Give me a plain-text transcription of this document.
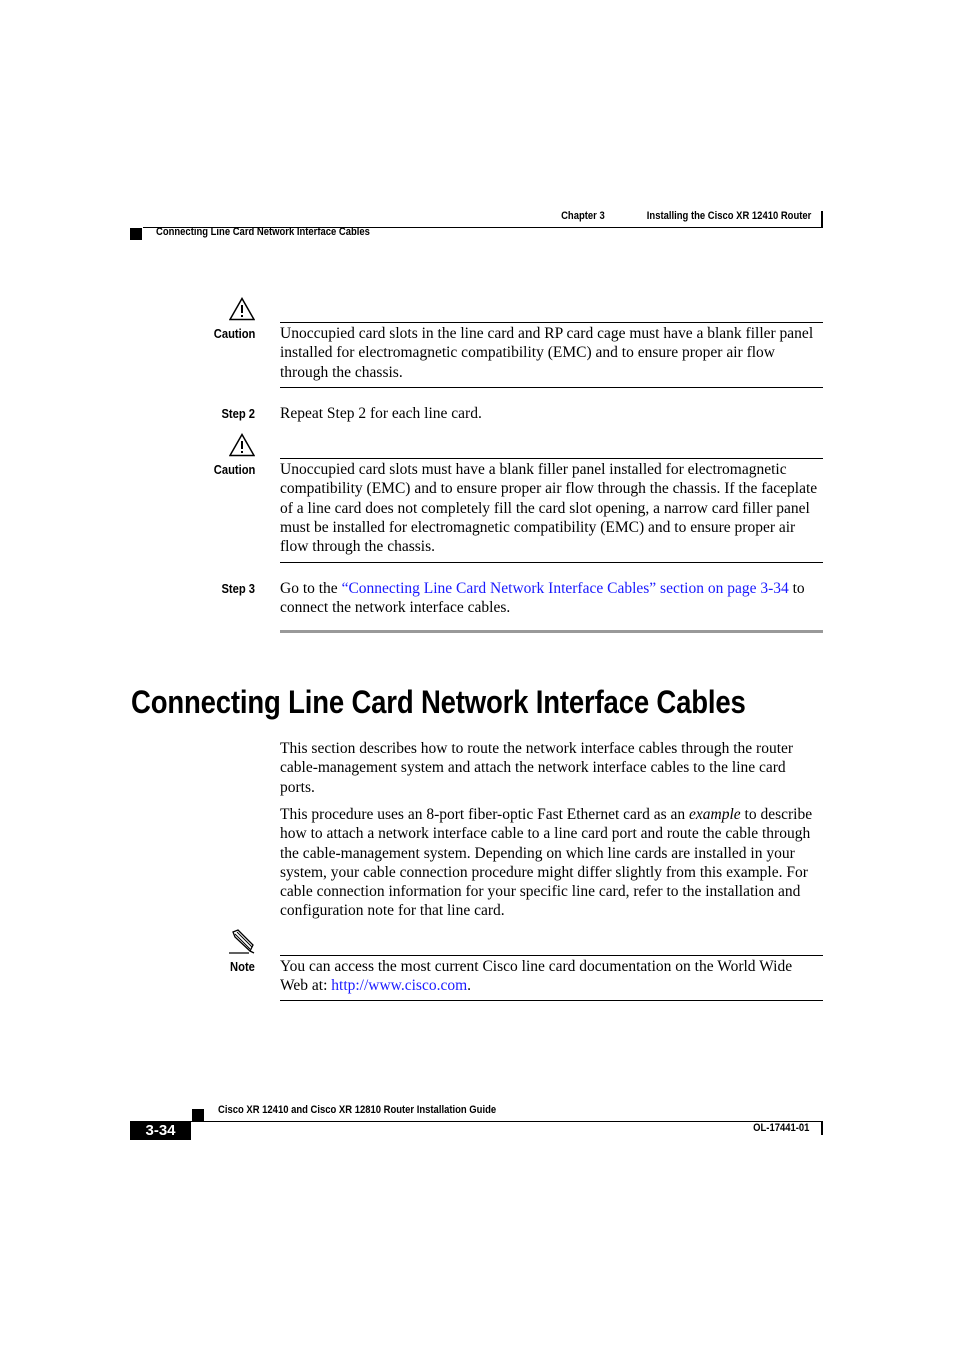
Chapter 3	Installing the Cisco XR 12410 Router
Connecting Line Card Network Interface Cables
Caution Unoccupied card slots in the line card and RP card cage must have a blank filler panel installed for electromagnetic compatibility (EMC) and to ensure proper air flow through the chassis.
Step 2 Repeat Step 2 for each line card.
Caution Unoccupied card slots must have a blank filler panel installed for electromagnetic compatibility (EMC) and to ensure proper air flow through the chassis. If the faceplate of a line card does not completely fill the card slot opening, a narrow card filler panel must be installed for electromagnetic compatibility (EMC) and to ensure proper air flow through the chassis.
Step 3 Go to the “Connecting Line Card Network Interface Cables” section on page 3-34 to connect the network interface cables.
Connecting Line Card Network Interface Cables
This section describes how to route the network interface cables through the router cable-management system and attach the network interface cables to the line card ports.
This procedure uses an 8-port fiber-optic Fast Ethernet card as an example to describe how to attach a network interface cable to a line card port and route the cable through the cable-management system. Depending on which line cards are installed in your system, your cable connection procedure might differ slightly from this example. For cable connection information for your specific line card, refer to the installation and configuration note for that line card.
Note You can access the most current Cisco line card documentation on the World Wide Web at: http://www.cisco.com.
Cisco XR 12410 and Cisco XR 12810 Router Installation Guide
3-34	OL-17441-01
